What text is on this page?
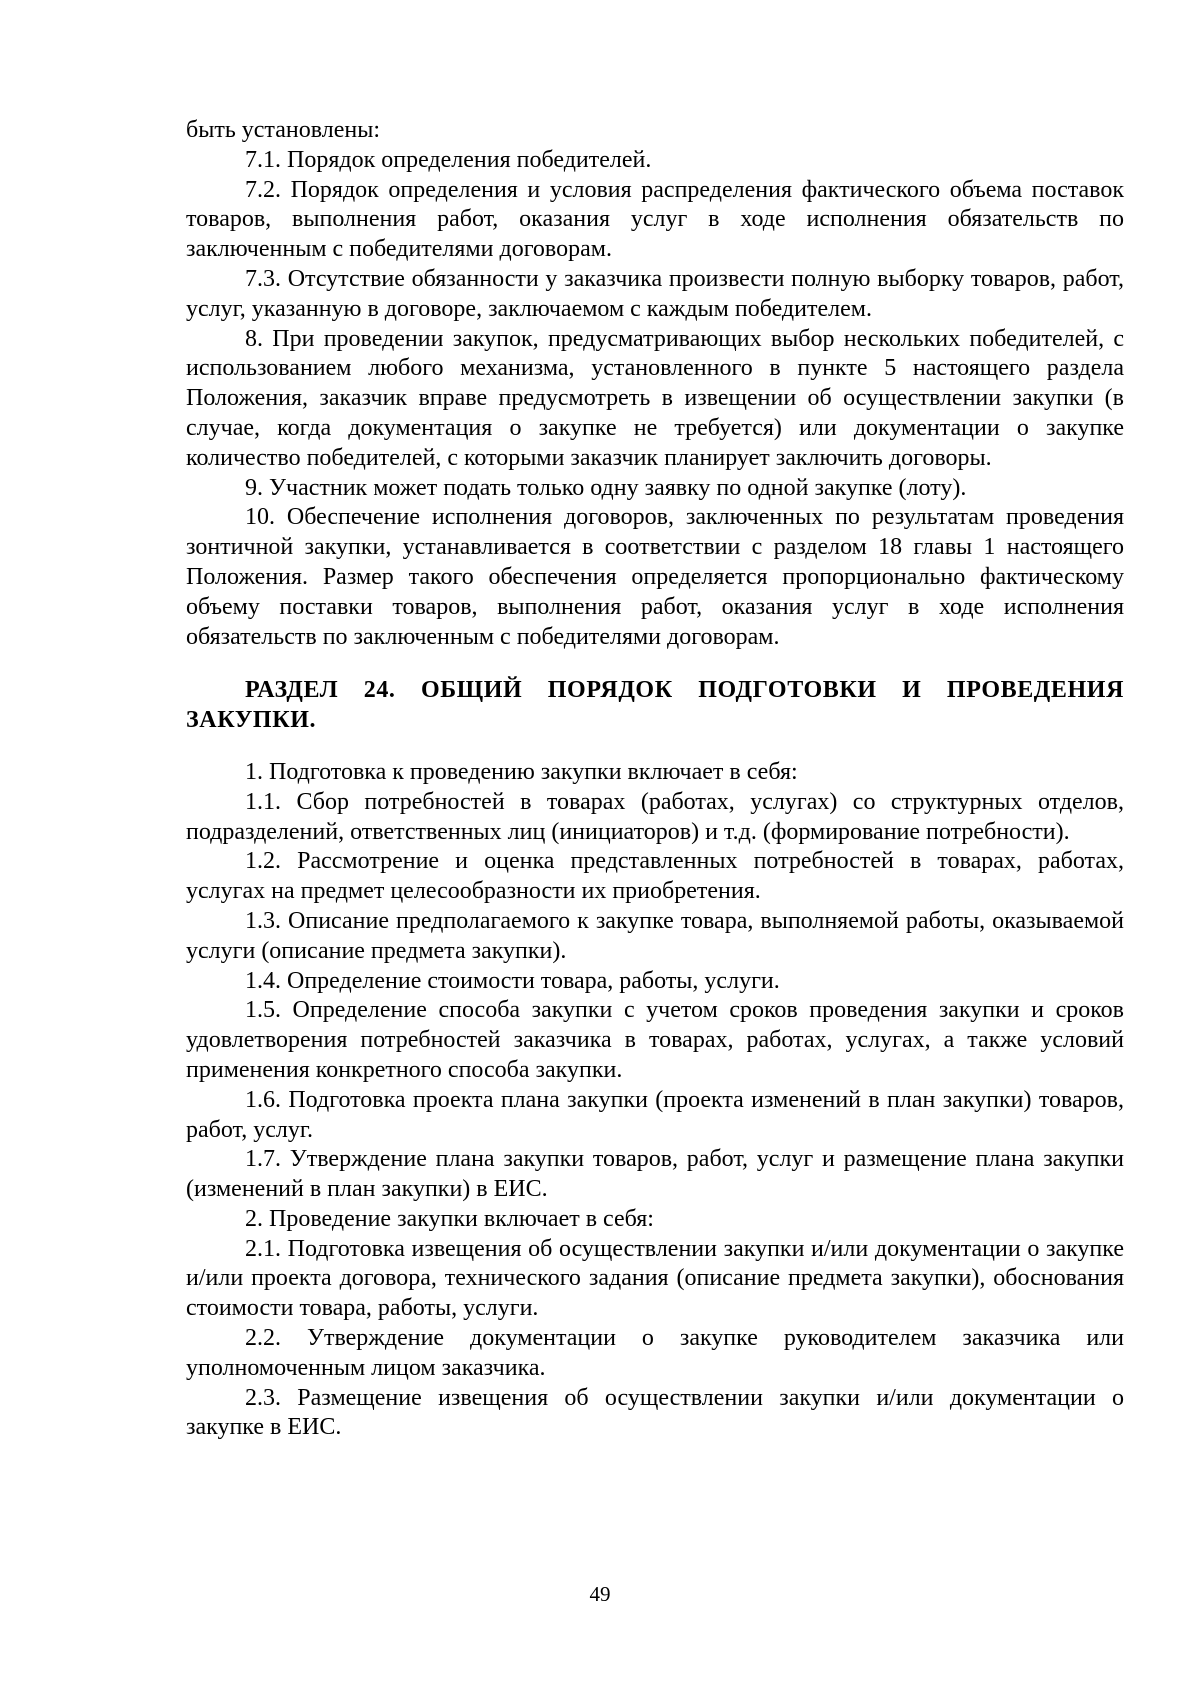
быть установлены:

7.1. Порядок определения победителей.

7.2. Порядок определения и условия распределения фактического объема поставок товаров, выполнения работ, оказания услуг в ходе исполнения обязательств по заключенным с победителями договорам.

7.3. Отсутствие обязанности у заказчика произвести полную выборку товаров, работ, услуг, указанную в договоре, заключаемом с каждым победителем.

8. При проведении закупок, предусматривающих выбор нескольких победителей, с использованием любого механизма, установленного в пункте 5 настоящего раздела Положения, заказчик вправе предусмотреть в извещении об осуществлении закупки (в случае, когда документация о закупке не требуется) или документации о закупке количество победителей, с которыми заказчик планирует заключить договоры.

9. Участник может подать только одну заявку по одной закупке (лоту).

10. Обеспечение исполнения договоров, заключенных по результатам проведения зонтичной закупки, устанавливается в соответствии с разделом 18 главы 1 настоящего Положения. Размер такого обеспечения определяется пропорционально фактическому объему поставки товаров, выполнения работ, оказания услуг в ходе исполнения обязательств по заключенным с победителями договорам.

РАЗДЕЛ 24. ОБЩИЙ ПОРЯДОК ПОДГОТОВКИ И ПРОВЕДЕНИЯ ЗАКУПКИ.

1. Подготовка к проведению закупки включает в себя:

1.1. Сбор потребностей в товарах (работах, услугах) со структурных отделов, подразделений, ответственных лиц (инициаторов) и т.д. (формирование потребности).

1.2. Рассмотрение и оценка представленных потребностей в товарах, работах, услугах на предмет целесообразности их приобретения.

1.3. Описание предполагаемого к закупке товара, выполняемой работы, оказываемой услуги (описание предмета закупки).

1.4. Определение стоимости товара, работы, услуги.

1.5. Определение способа закупки с учетом сроков проведения закупки и сроков удовлетворения потребностей заказчика в товарах, работах, услугах, а также условий применения конкретного способа закупки.

1.6. Подготовка проекта плана закупки (проекта изменений в план закупки) товаров, работ, услуг.

1.7. Утверждение плана закупки товаров, работ, услуг и размещение плана закупки (изменений в план закупки) в ЕИС.

2. Проведение закупки включает в себя:

2.1. Подготовка извещения об осуществлении закупки и/или документации о закупке и/или проекта договора, технического задания (описание предмета закупки), обоснования стоимости товара, работы, услуги.

2.2. Утверждение документации о закупке руководителем заказчика или уполномоченным лицом заказчика.

2.3. Размещение извещения об осуществлении закупки и/или документации о закупке в ЕИС.

49
